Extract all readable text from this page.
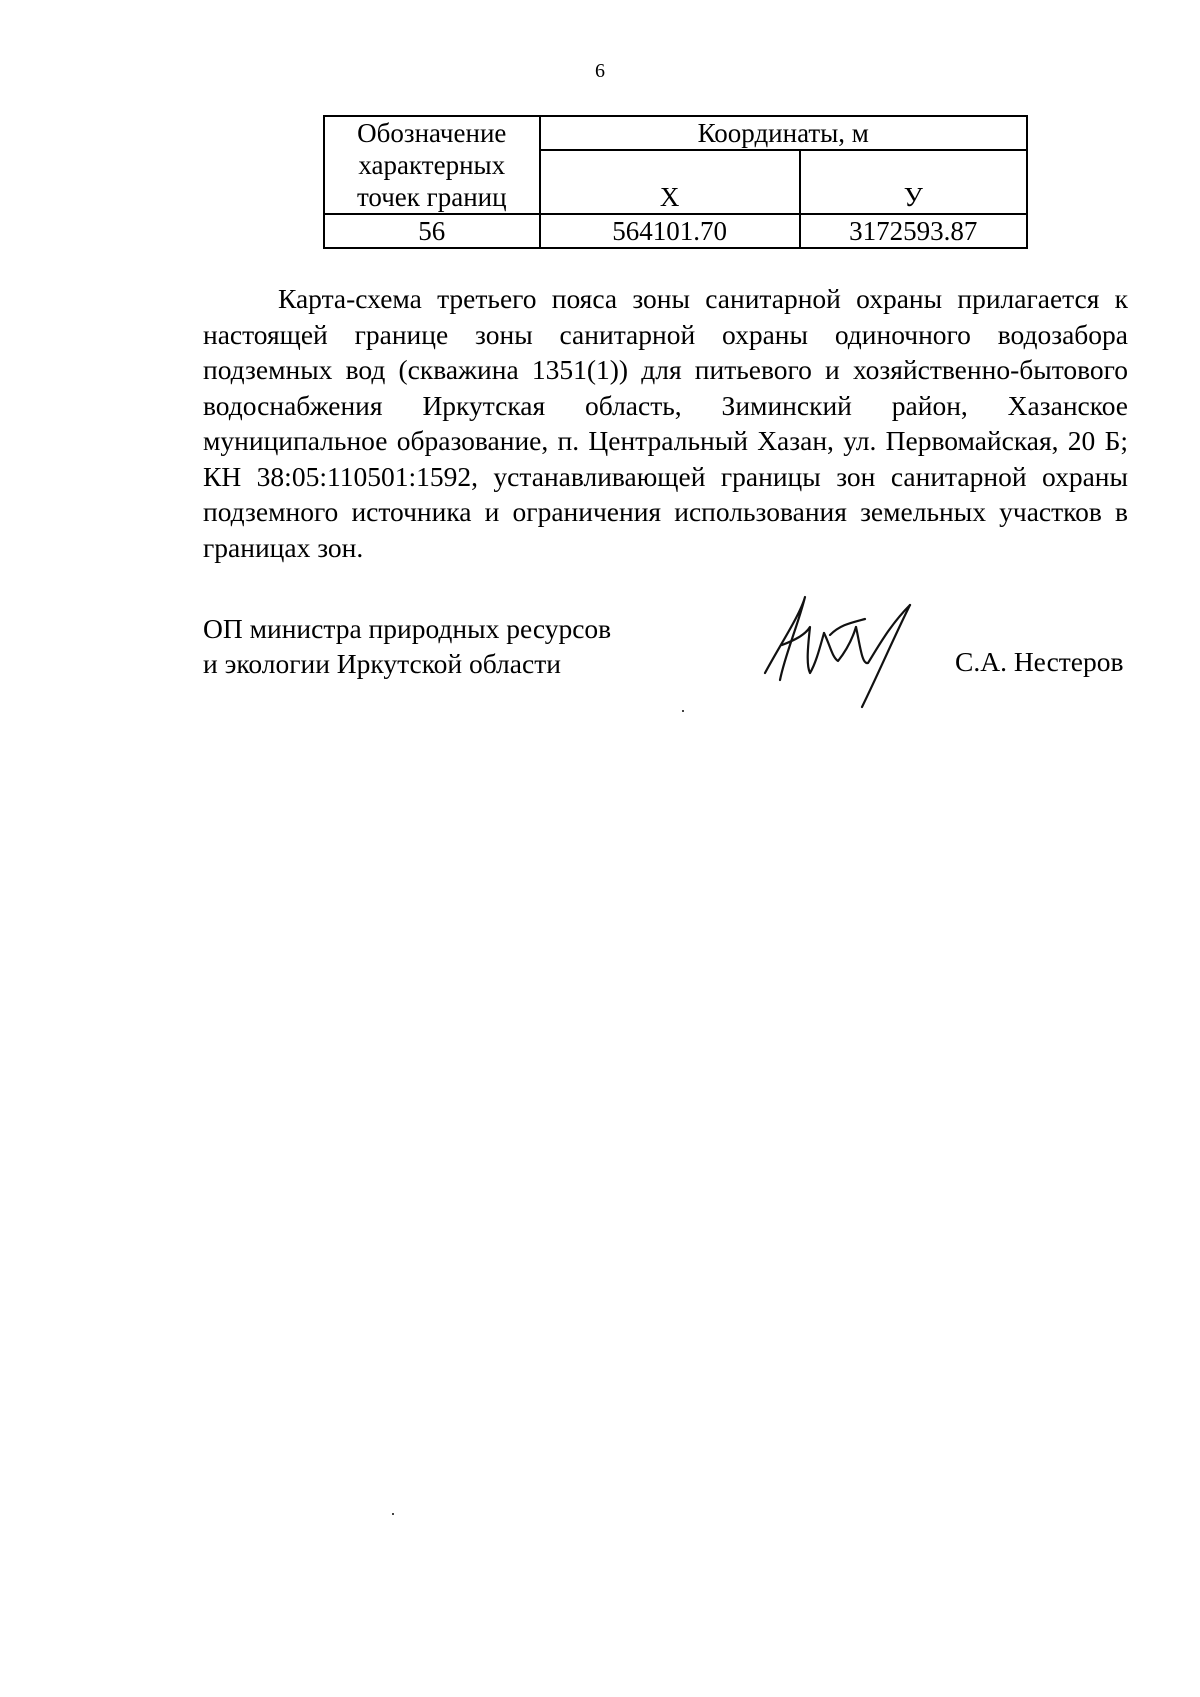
6
Обозначение характерных точек границ	Координаты, м	
	X	У
56	564101.70	3172593.87

Карта-схема третьего пояса зоны санитарной охраны прилагается к настоящей границе зоны санитарной охраны одиночного водозабора подземных вод (скважина 1351(1)) для питьевого и хозяйственно-бытового водоснабжения Иркутская область, Зиминский район, Хазанское муниципальное образование, п. Центральный Хазан, ул. Первомайская, 20 Б; КН 38:05:110501:1592, устанавливающей границы зон санитарной охраны подземного источника и ограничения использования земельных участков в границах зон.

ОП министра природных ресурсов
и экологии Иркутской области	С.А. Нестеров
